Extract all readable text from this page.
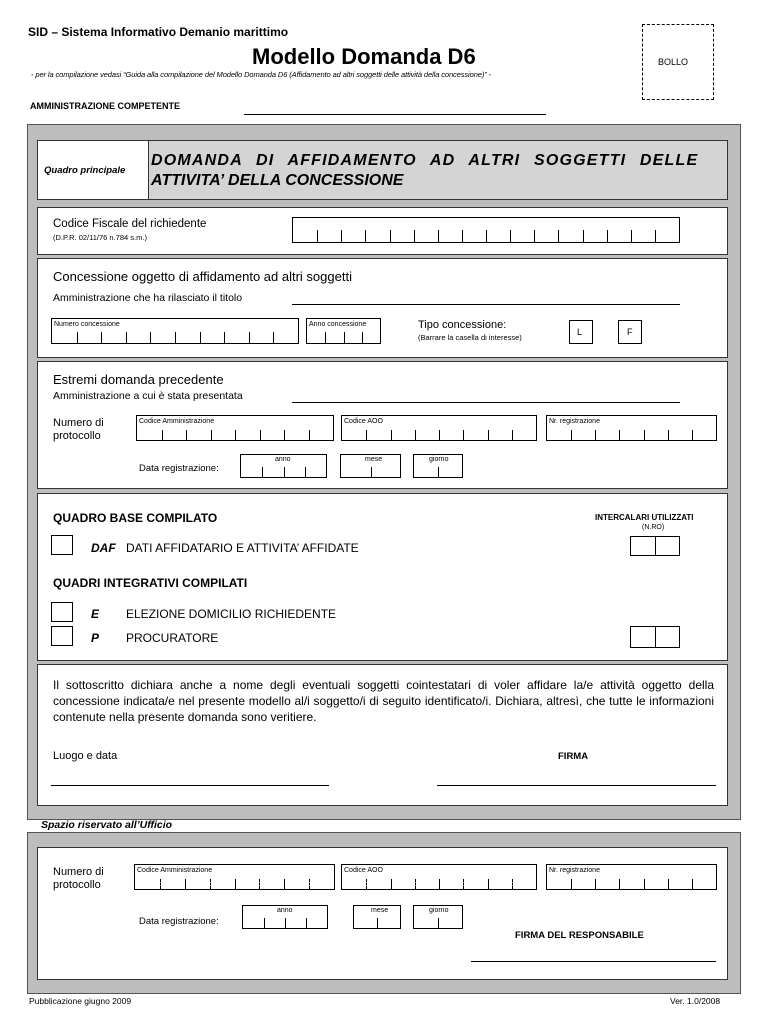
SID – Sistema Informativo Demanio marittimo
Modello Domanda D6
- per la compilazione vedasi “Guida alla compilazione del Modello Domanda D6 (Affidamento ad altri soggetti delle attività della concessione)” -
BOLLO
AMMINISTRAZIONE COMPETENTE
Quadro principale
DOMANDA DI AFFIDAMENTO AD ALTRI SOGGETTI DELLE
ATTIVITA’ DELLA CONCESSIONE
Codice Fiscale del richiedente
(D.P.R. 02/11/76 n.784 s.m.)
Concessione oggetto di affidamento ad altri soggetti
Amministrazione che ha rilasciato il titolo
Numero concessione	Anno concessione	Tipo concessione:
(Barrare la casella di interesse)
L	F
Estremi domanda precedente
Amministrazione a cui è stata presentata
Numero di
protocollo
Codice Amministrazione	Codice AOO	Nr. registrazione
Data registrazione:
anno	mese	giorno
QUADRO BASE COMPILATO	INTERCALARI UTILIZZATI
(N.RO)
DAF DATI AFFIDATARIO E ATTIVITA’ AFFIDATE
QUADRI INTEGRATIVI COMPILATI
E ELEZIONE DOMICILIO RICHIEDENTE
P PROCURATORE
Il sottoscritto dichiara anche a nome degli eventuali soggetti cointestatari di voler affidare la/e attività oggetto della concessione indicata/e nel presente modello al/i soggetto/i di seguito identificato/i. Dichiara, altresì, che tutte le informazioni contenute nella presente domanda sono veritiere.
Luogo e data	FIRMA
Spazio riservato all’Ufficio
Numero di
protocollo
Codice Amministrazione	Codice AOO	Nr. registrazione
Data registrazione:
anno	mese	giorno
FIRMA DEL RESPONSABILE
Pubblicazione giugno 2009	Ver. 1.0/2008
